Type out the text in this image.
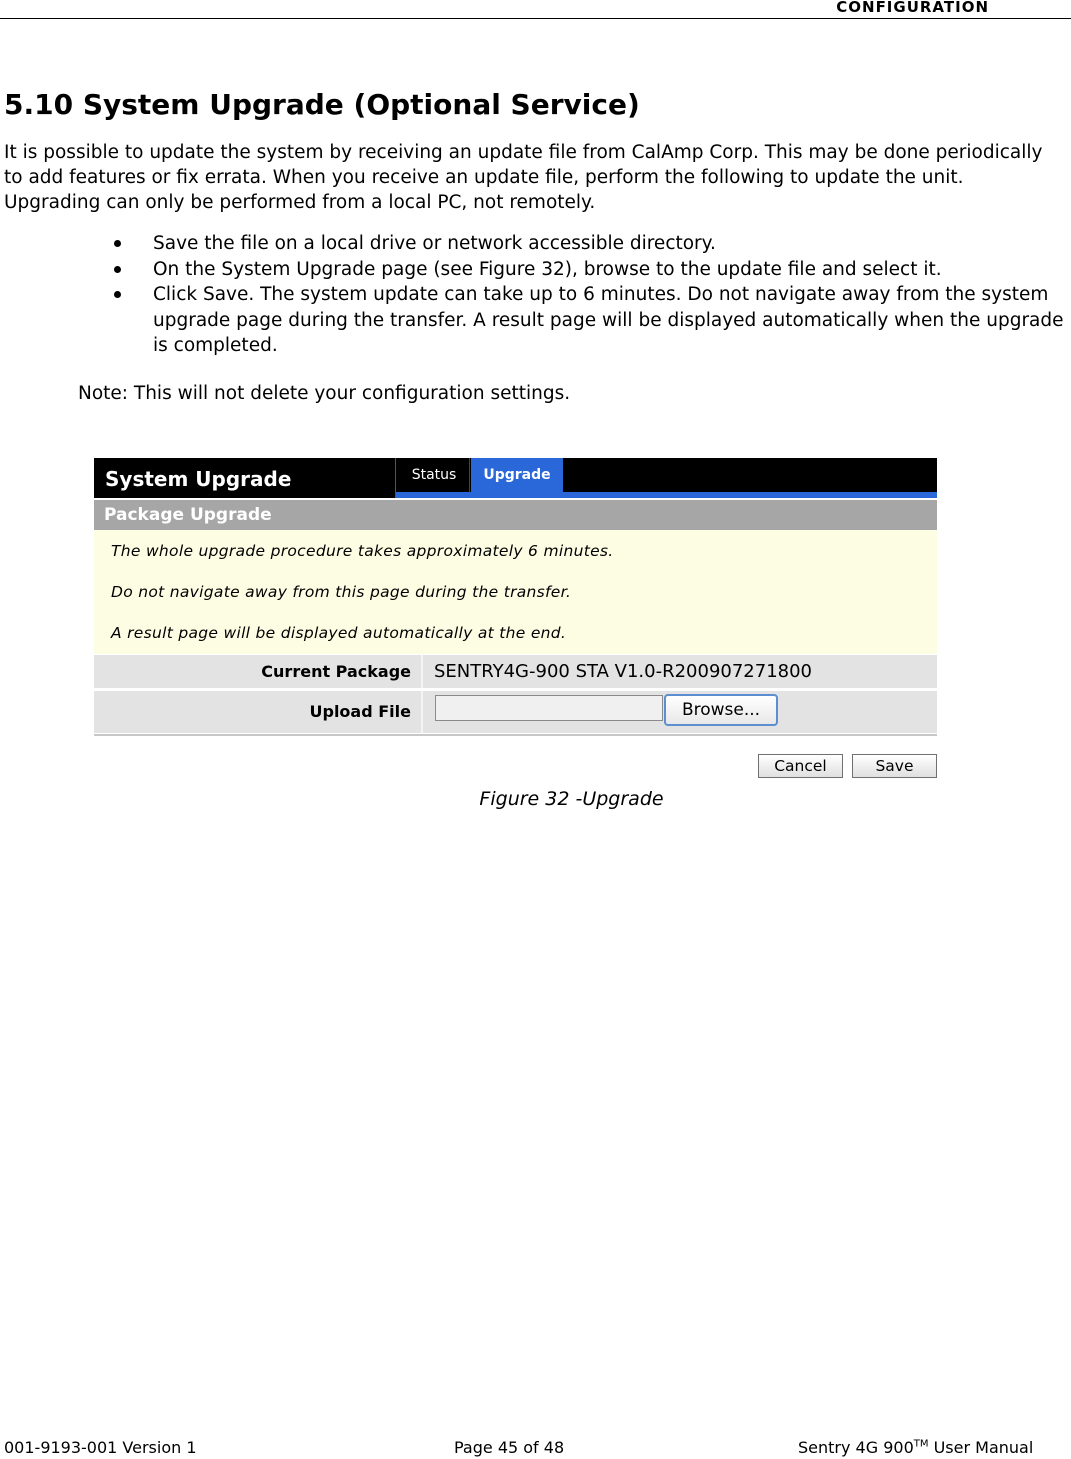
CONFIGURATION
5.10 System Upgrade (Optional Service)

It is possible to update the system by receiving an update file from CalAmp Corp. This may be done periodically to add features or fix errata. When you receive an update file, perform the following to update the unit. Upgrading can only be performed from a local PC, not remotely.

Save the file on a local drive or network accessible directory.
On the System Upgrade page (see Figure 32), browse to the update file and select it.
Click Save. The system update can take up to 6 minutes. Do not navigate away from the system upgrade page during the transfer. A result page will be displayed automatically when the upgrade is completed.

Note: This will not delete your configuration settings.

System Upgrade	Status	Upgrade
Package Upgrade
The whole upgrade procedure takes approximately 6 minutes.
Do not navigate away from this page during the transfer.
A result page will be displayed automatically at the end.
Current Package	SENTRY4G-900 STA V1.0-R200907271800
Upload File	Browse...
Cancel	Save
Figure 32 -Upgrade
001-9193-001 Version 1	Page 45 of 48	Sentry 4G 900™ User Manual
